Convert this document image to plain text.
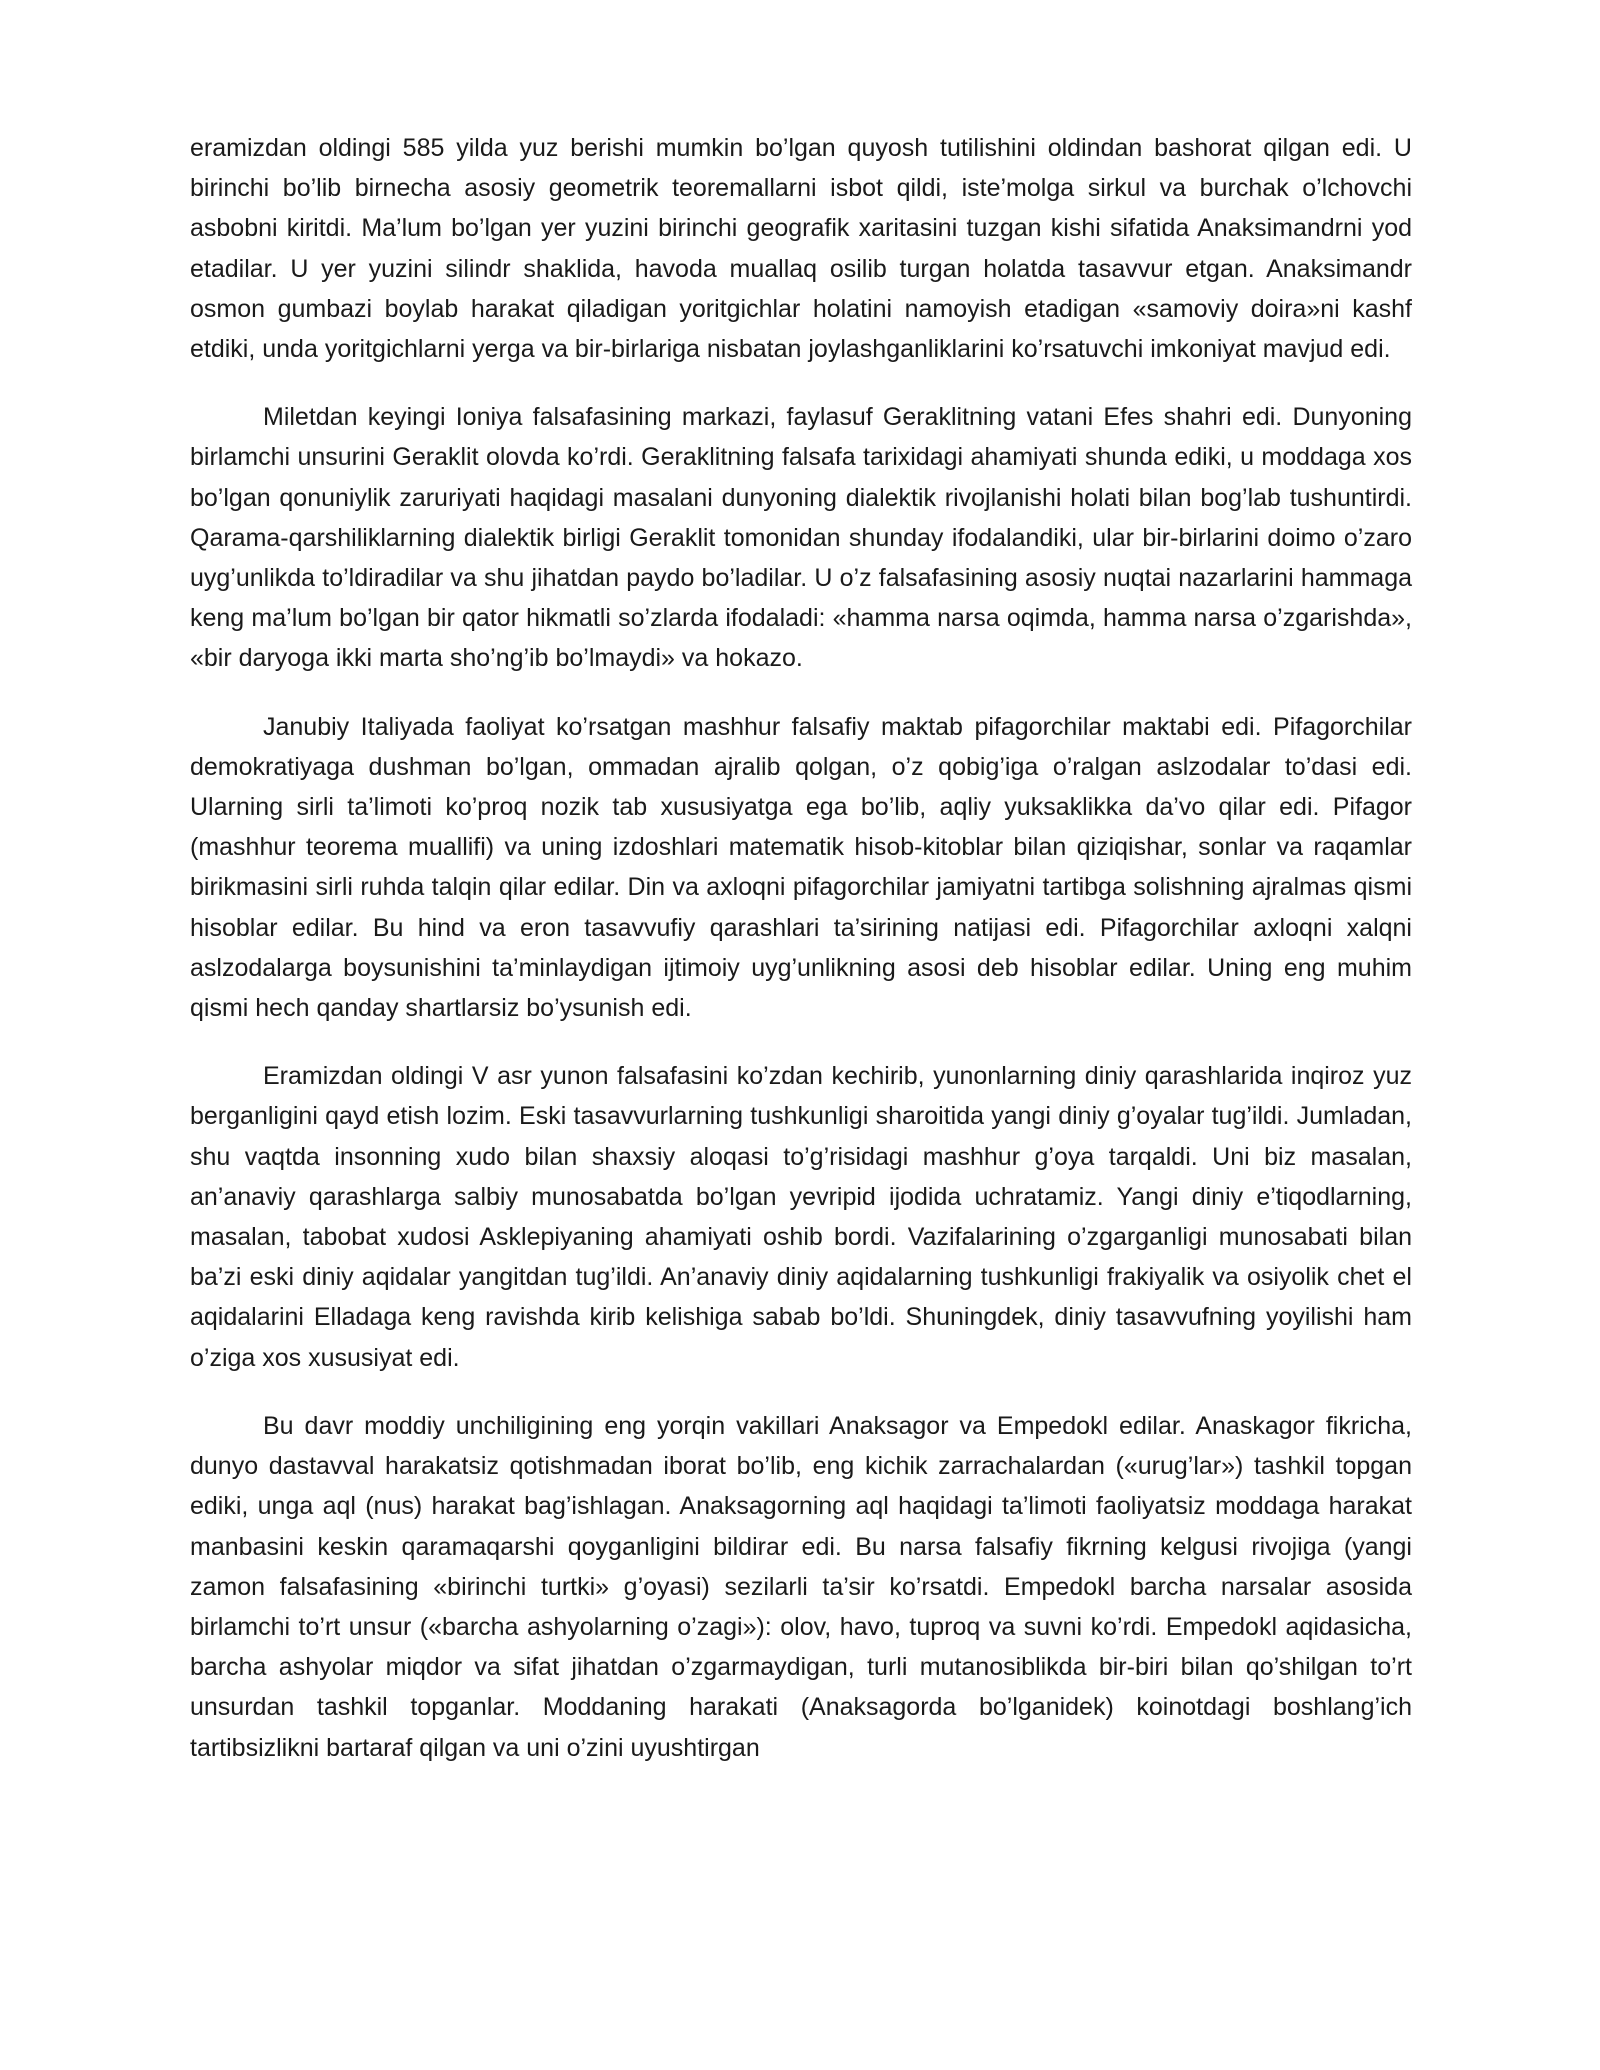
eramizdan oldingi 585 yilda yuz berishi mumkin bo’lgan quyosh tutilishini oldindan bashorat qilgan edi. U birinchi bo’lib birnecha asosiy geometrik teoremallarni isbot qildi, iste’molga sirkul va burchak o’lchovchi asbobni kiritdi. Ma’lum bo’lgan yer yuzini birinchi geografik xaritasini tuzgan kishi sifatida Anaksimandrni yod etadilar. U yer yuzini silindr shaklida, havoda muallaq osilib turgan holatda tasavvur etgan. Anaksimandr osmon gumbazi boylab harakat qiladigan yoritgichlar holatini namoyish etadigan «samoviy doira»ni kashf etdiki, unda yoritgichlarni yerga va bir-birlariga nisbatan joylashganliklarini ko’rsatuvchi imkoniyat mavjud edi.

Miletdan keyingi Ioniya falsafasining markazi, faylasuf Geraklitning vatani Efes shahri edi. Dunyoning birlamchi unsurini Geraklit olovda ko’rdi. Geraklitning falsafa tarixidagi ahamiyati shunda ediki, u moddaga xos bo’lgan qonuniylik zaruriyati haqidagi masalani dunyoning dialektik rivojlanishi holati bilan bog’lab tushuntirdi. Qarama-qarshiliklarning dialektik birligi Geraklit tomonidan shunday ifodalandiki, ular bir-birlarini doimo o’zaro uyg’unlikda to’ldiradilar va shu jihatdan paydo bo’ladilar. U o’z falsafasining asosiy nuqtai nazarlarini hammaga keng ma’lum bo’lgan bir qator hikmatli so’zlarda ifodaladi: «hamma narsa oqimda, hamma narsa o’zgarishda», «bir daryoga ikki marta sho’ng’ib bo’lmaydi» va hokazo.

Janubiy Italiyada faoliyat ko’rsatgan mashhur falsafiy maktab pifagorchilar maktabi edi. Pifagorchilar demokratiyaga dushman bo’lgan, ommadan ajralib qolgan, o’z qobig’iga o’ralgan aslzodalar to’dasi edi. Ularning sirli ta’limoti ko’proq nozik tab xususiyatga ega bo’lib, aqliy yuksaklikka da’vo qilar edi. Pifagor (mashhur teorema muallifi) va uning izdoshlari matematik hisob-kitoblar bilan qiziqishar, sonlar va raqamlar birikmasini sirli ruhda talqin qilar edilar. Din va axloqni pifagorchilar jamiyatni tartibga solishning ajralmas qismi hisoblar edilar. Bu hind va eron tasavvufiy qarashlari ta’sirining natijasi edi. Pifagorchilar axloqni xalqni aslzodalarga boysunishini ta’minlaydigan ijtimoiy uyg’unlikning asosi deb hisoblar edilar. Uning eng muhim qismi hech qanday shartlarsiz bo’ysunish edi.

Eramizdan oldingi V asr yunon falsafasini ko’zdan kechirib, yunonlarning diniy qarashlarida inqiroz yuz berganligini qayd etish lozim. Eski tasavvurlarning tushkunligi sharoitida yangi diniy g’oyalar tug’ildi. Jumladan, shu vaqtda insonning xudo bilan shaxsiy aloqasi to’g’risidagi mashhur g’oya tarqaldi. Uni biz masalan, an’anaviy qarashlarga salbiy munosabatda bo’lgan yevripid ijodida uchratamiz. Yangi diniy e’tiqodlarning, masalan, tabobat xudosi Asklepiyaning ahamiyati oshib bordi. Vazifalarining o’zgarganligi munosabati bilan ba’zi eski diniy aqidalar yangitdan tug’ildi. An’anaviy diniy aqidalarning tushkunligi frakiyalik va osiyolik chet el aqidalarini Elladaga keng ravishda kirib kelishiga sabab bo’ldi. Shuningdek, diniy tasavvufning yoyilishi ham o’ziga xos xususiyat edi.

Bu davr moddiy unchiligining eng yorqin vakillari Anaksagor va Empedokl edilar. Anaskagor fikricha, dunyo dastavval harakatsiz qotishmadan iborat bo’lib, eng kichik zarrachalardan («urug’lar») tashkil topgan ediki, unga aql (nus) harakat bag’ishlagan. Anaksagorning aql haqidagi ta’limoti faoliyatsiz moddaga harakat manbasini keskin qaramaqarshi qoyganligini bildirar edi. Bu narsa falsafiy fikrning kelgusi rivojiga (yangi zamon falsafasining «birinchi turtki» g’oyasi) sezilarli ta’sir ko’rsatdi. Empedokl barcha narsalar asosida birlamchi to’rt unsur («barcha ashyolarning o’zagi»): olov, havo, tuproq va suvni ko’rdi. Empedokl aqidasicha, barcha ashyolar miqdor va sifat jihatdan o’zgarmaydigan, turli mutanosiblikda bir-biri bilan qo’shilgan to’rt unsurdan tashkil topganlar. Moddaning harakati (Anaksagorda bo’lganidek) koinotdagi boshlang’ich tartibsizlikni bartaraf qilgan va uni o’zini uyushtirgan
